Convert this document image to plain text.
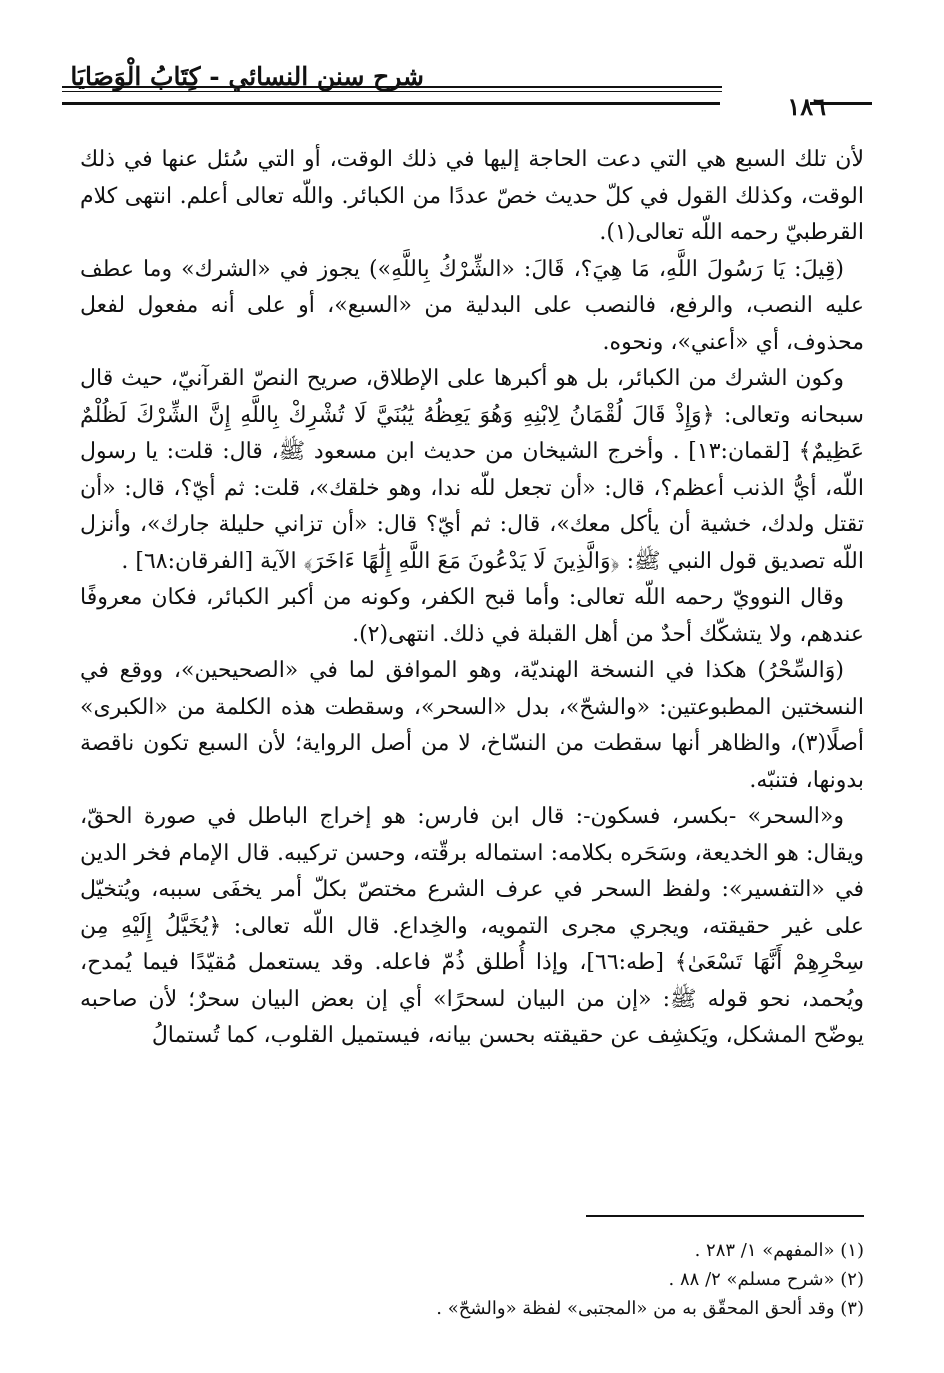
شرح سنن النسائي - كِتَابُ الْوَصَايَا
١٨٦

لأن تلك السبع هي التي دعت الحاجة إليها في ذلك الوقت، أو التي سُئل عنها في ذلك الوقت، وكذلك القول في كلّ حديث خصّ عددًا من الكبائر. واللّه تعالى أعلم. انتهى كلام القرطبيّ رحمه اللّه تعالى(١).

(قِيلَ: يَا رَسُولَ اللَّهِ، مَا هِيَ؟، قَالَ: «الشِّرْكُ بِاللَّهِ») يجوز في «الشرك» وما عطف عليه النصب، والرفع، فالنصب على البدلية من «السبع»، أو على أنه مفعول لفعل محذوف، أي «أعني»، ونحوه.

وكون الشرك من الكبائر، بل هو أكبرها على الإطلاق، صريح النصّ القرآنيّ، حيث قال سبحانه وتعالى: ﴿وَإِذْ قَالَ لُقْمَانُ لِابْنِهِ وَهُوَ يَعِظُهُ يَٰبُنَيَّ لَا تُشْرِكْ بِاللَّهِ إِنَّ الشِّرْكَ لَظُلْمٌ عَظِيمٌ﴾ [لقمان:١٣] . وأخرج الشيخان من حديث ابن مسعود ﷺ، قال: قلت: يا رسول اللّه، أيُّ الذنب أعظم؟، قال: «أن تجعل للّه ندا، وهو خلقك»، قلت: ثم أيّ؟، قال: «أن تقتل ولدك، خشية أن يأكل معك»، قال: ثم أيّ؟ قال: «أن تزاني حليلة جارك»، وأنزل اللّه تصديق قول النبي ﷺ: ﴿وَالَّذِينَ لَا يَدْعُونَ مَعَ اللَّهِ إِلَٰهًا ءَاخَرَ﴾ الآية [الفرقان:٦٨] .

وقال النوويّ رحمه اللّه تعالى: وأما قبح الكفر، وكونه من أكبر الكبائر، فكان معروفًا عندهم، ولا يتشكّك أحدٌ من أهل القبلة في ذلك. انتهى(٢).

(وَالسِّحْرُ) هكذا في النسخة الهنديّة، وهو الموافق لما في «الصحيحين»، ووقع في النسختين المطبوعتين: «والشحّ»، بدل «السحر»، وسقطت هذه الكلمة من «الكبرى» أصلًا(٣)، والظاهر أنها سقطت من النسّاخ، لا من أصل الرواية؛ لأن السبع تكون ناقصة بدونها، فتنبّه.

و«السحر» -بكسر، فسكون-: قال ابن فارس: هو إخراج الباطل في صورة الحقّ، ويقال: هو الخديعة، وسَحَره بكلامه: استماله برقّته، وحسن تركيبه. قال الإمام فخر الدين في «التفسير»: ولفظ السحر في عرف الشرع مختصّ بكلّ أمر يخفَى سببه، ويُتخيّل على غير حقيقته، ويجري مجرى التمويه، والخِداع. قال اللّه تعالى: ﴿يُخَيَّلُ إِلَيْهِ مِن سِحْرِهِمْ أَنَّهَا تَسْعَىٰ﴾ [طه:٦٦]، وإذا أُطلق ذُمّ فاعله. وقد يستعمل مُقيّدًا فيما يُمدح، ويُحمد، نحو قوله ﷺ: «إن من البيان لسحرًا» أي إن بعض البيان سحرٌ؛ لأن صاحبه يوضّح المشكل، ويَكشِف عن حقيقته بحسن بيانه، فيستميل القلوب، كما تُستمالُ

(١) «المفهم» ١/ ٢٨٣ .
(٢) «شرح مسلم» ٢/ ٨٨ .
(٣) وقد ألحق المحقّق به من «المجتبى» لفظة «والشحّ» .
